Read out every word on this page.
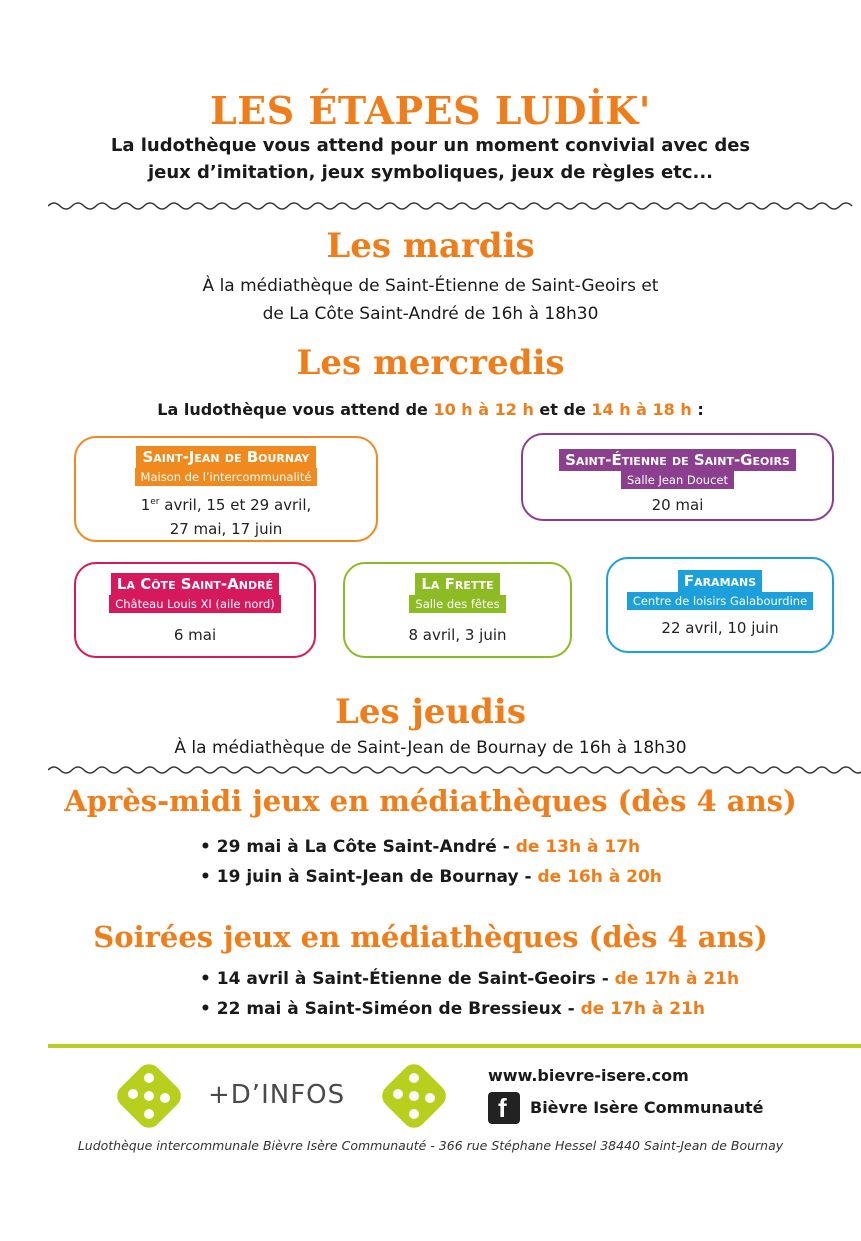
LES ÉTAPES LUDİK'
La ludothèque vous attend pour un moment convivial avec des
jeux d’imitation, jeux symboliques, jeux de règles etc...
Les mardis
À la médiathèque de Saint-Étienne de Saint-Geoirs et
de La Côte Saint-André de 16h à 18h30
Les mercredis
La ludothèque vous attend de 10 h à 12 h et de 14 h à 18 h :
Saint-Jean de Bournay
Maison de l’intercommunalité
1er avril, 15 et 29 avril,
27 mai, 17 juin
Saint-Étienne de Saint-Geoirs
Salle Jean Doucet
20 mai
La Côte Saint-André
Château Louis XI (aile nord)
6 mai
La Frette
Salle des fêtes
8 avril, 3 juin
Faramans
Centre de loisirs Galabourdine
22 avril, 10 juin
Les jeudis
À la médiathèque de Saint-Jean de Bournay de 16h à 18h30
Après-midi jeux en médiathèques (dès 4 ans)
• 29 mai à La Côte Saint-André - de 13h à 17h
• 19 juin à Saint-Jean de Bournay - de 16h à 20h
Soirées jeux en médiathèques (dès 4 ans)
• 14 avril à Saint-Étienne de Saint-Geoirs - de 17h à 21h
• 22 mai à Saint-Siméon de Bressieux - de 17h à 21h
+D’INFOS
www.bievre-isere.com
f Bièvre Isère Communauté
Ludothèque intercommunale Bièvre Isère Communauté - 366 rue Stéphane Hessel 38440 Saint-Jean de Bournay
